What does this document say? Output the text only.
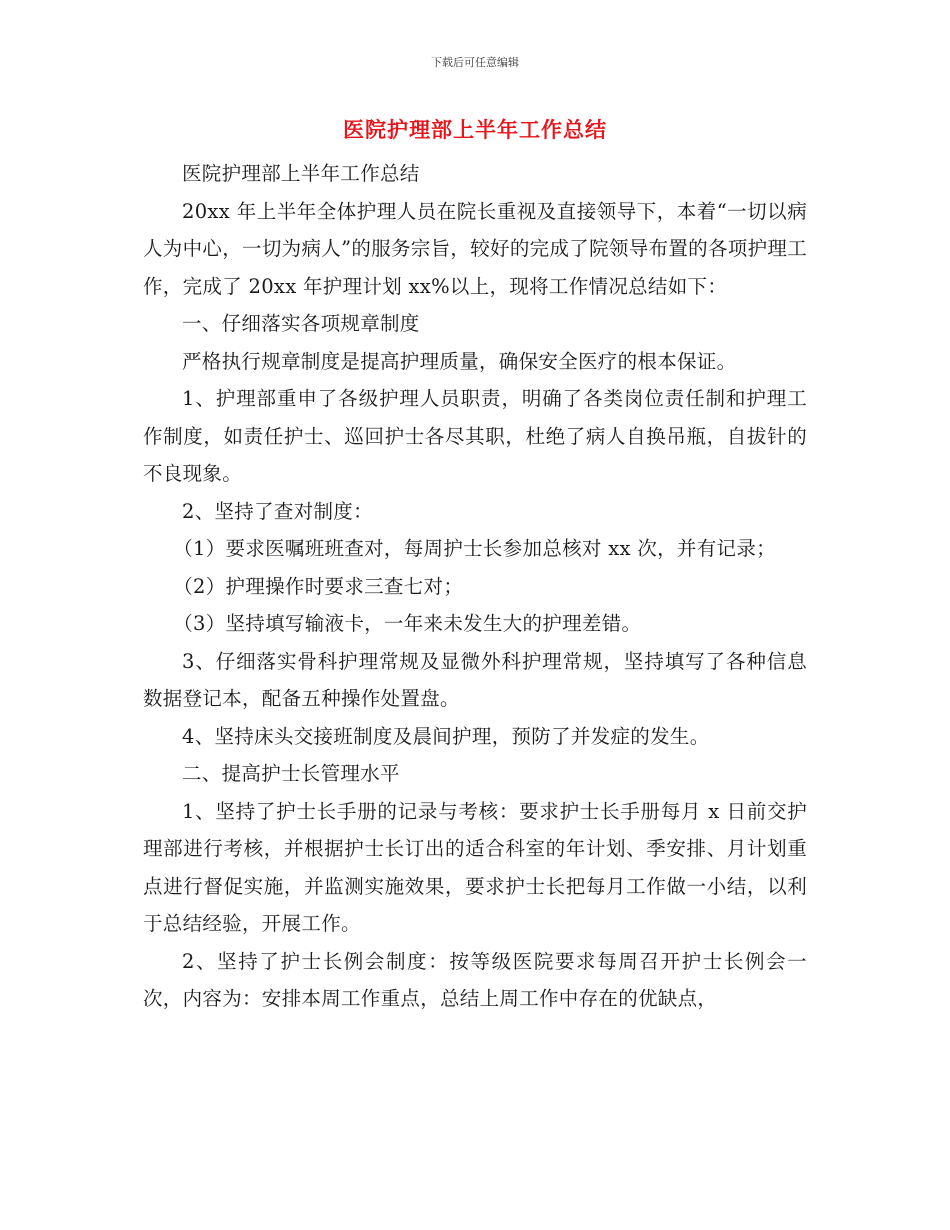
下载后可任意编辑
医院护理部上半年工作总结

医院护理部上半年工作总结

20xx 年上半年全体护理人员在院长重视及直接领导下，本着“一切以病人为中心，一切为病人”的服务宗旨，较好的完成了院领导布置的各项护理工作，完成了 20xx 年护理计划 xx%以上，现将工作情况总结如下：

一、仔细落实各项规章制度

严格执行规章制度是提高护理质量，确保安全医疗的根本保证。

1、护理部重申了各级护理人员职责，明确了各类岗位责任制和护理工作制度，如责任护士、巡回护士各尽其职，杜绝了病人自换吊瓶，自拔针的不良现象。

2、坚持了查对制度：

（1）要求医嘱班班查对，每周护士长参加总核对 xx 次，并有记录；

（2）护理操作时要求三查七对；

（3）坚持填写输液卡，一年来未发生大的护理差错。

3、仔细落实骨科护理常规及显微外科护理常规，坚持填写了各种信息数据登记本，配备五种操作处置盘。

4、坚持床头交接班制度及晨间护理，预防了并发症的发生。

二、提高护士长管理水平

1、坚持了护士长手册的记录与考核：要求护士长手册每月 x 日前交护理部进行考核，并根据护士长订出的适合科室的年计划、季安排、月计划重点进行督促实施，并监测实施效果，要求护士长把每月工作做一小结，以利于总结经验，开展工作。

2、坚持了护士长例会制度：按等级医院要求每周召开护士长例会一次，内容为：安排本周工作重点，总结上周工作中存在的优缺点，
